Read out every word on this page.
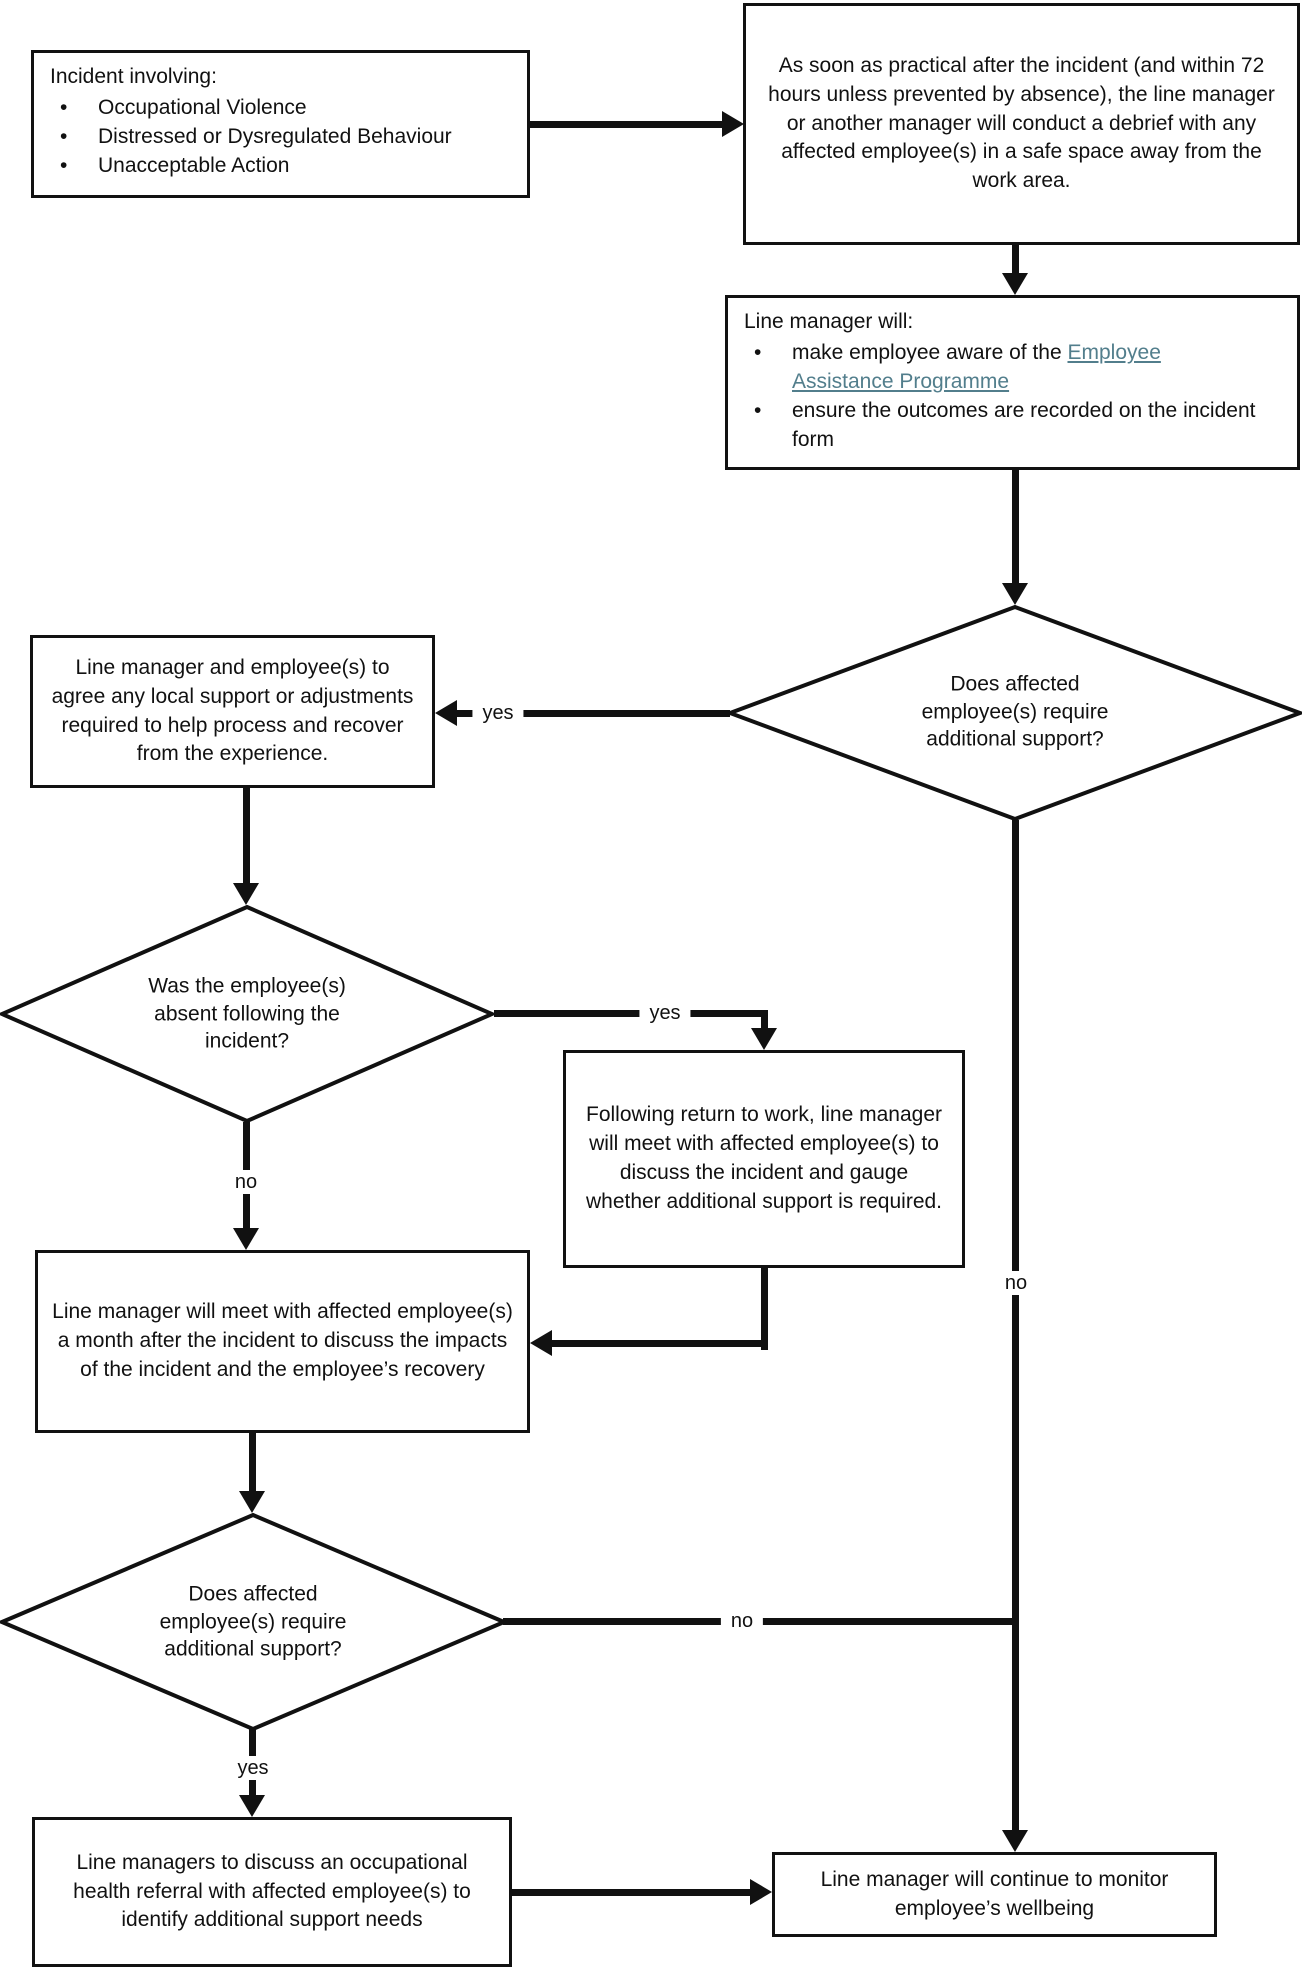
Incident involving:
• Occupational Violence
• Distressed or Dysregulated Behaviour
• Unacceptable Action
As soon as practical after the incident (and within 72 hours unless prevented by absence), the line manager or another manager will conduct a debrief with any affected employee(s) in a safe space away from the work area.
Line manager will:
• make employee aware of the Employee Assistance Programme
• ensure the outcomes are recorded on the incident form
Does affected employee(s) require additional support?
Line manager and employee(s) to agree any local support or adjustments required to help process and recover from the experience.
Was the employee(s) absent following the incident?
Following return to work, line manager will meet with affected employee(s) to discuss the incident and gauge whether additional support is required.
Line manager will meet with affected employee(s) a month after the incident to discuss the impacts of the incident and the employee’s recovery
Does affected employee(s) require additional support?
Line managers to discuss an occupational health referral with affected employee(s) to identify additional support needs
Line manager will continue to monitor employee’s wellbeing
yes
no
yes
no
yes
no
